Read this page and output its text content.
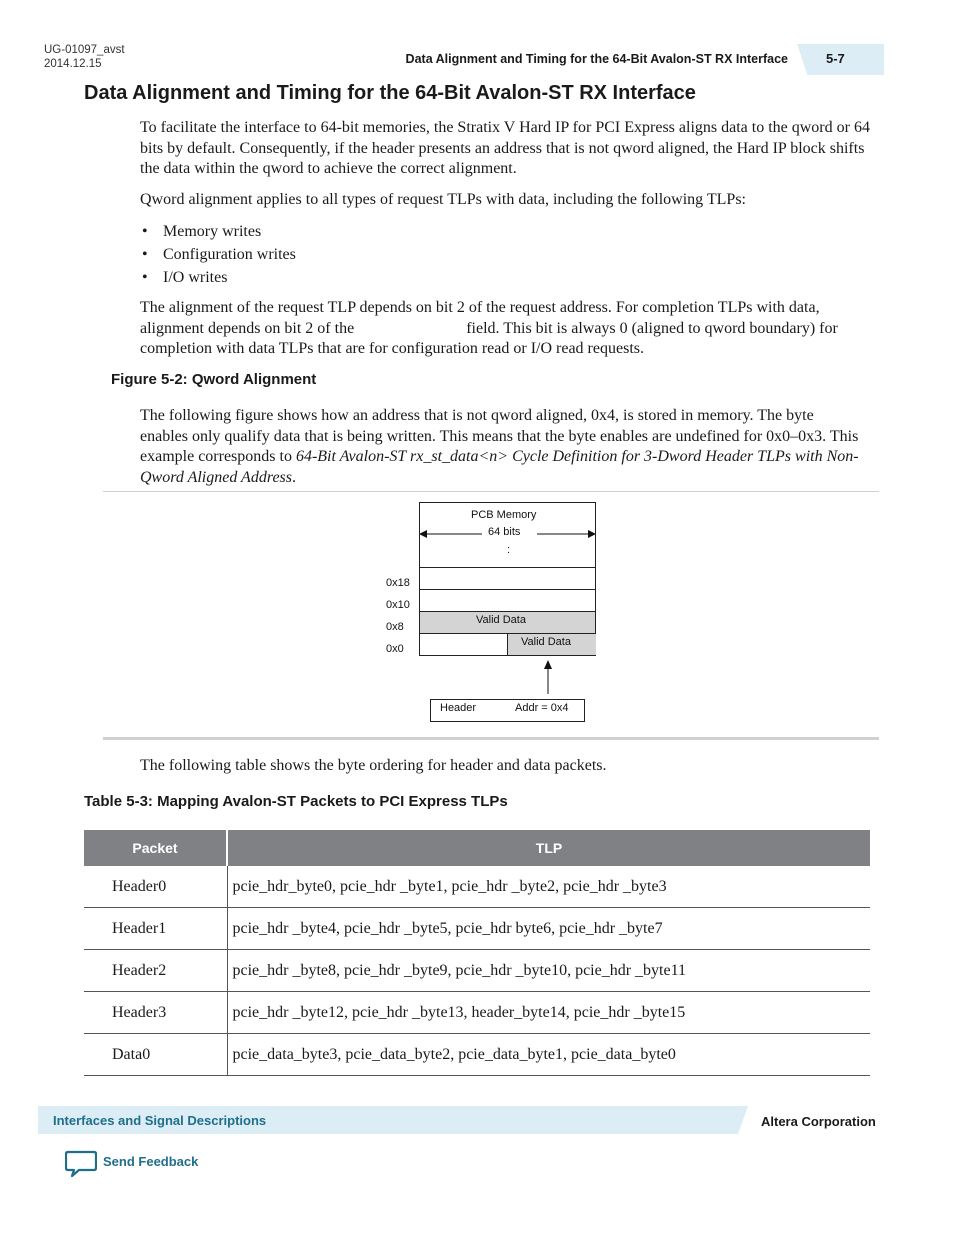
UG-01097_avst
2014.12.15	Data Alignment and Timing for the 64-Bit Avalon-ST RX Interface	5-7
Data Alignment and Timing for the 64-Bit Avalon-ST RX Interface

To facilitate the interface to 64-bit memories, the Stratix V Hard IP for PCI Express aligns data to the qword or 64 bits by default. Consequently, if the header presents an address that is not qword aligned, the Hard IP block shifts the data within the qword to achieve the correct alignment.

Qword alignment applies to all types of request TLPs with data, including the following TLPs:

• Memory writes
• Configuration writes
• I/O writes

The alignment of the request TLP depends on bit 2 of the request address. For completion TLPs with data, alignment depends on bit 2 of the	field. This bit is always 0 (aligned to qword boundary) for completion with data TLPs that are for configuration read or I/O read requests.

Figure 5-2: Qword Alignment

The following figure shows how an address that is not qword aligned, 0x4, is stored in memory. The byte enables only qualify data that is being written. This means that the byte enables are undefined for 0x0–0x3. This example corresponds to 64-Bit Avalon-ST rx_st_data<n> Cycle Definition for 3-Dword Header TLPs with Non-Qword Aligned Address.

PCB Memory
64 bits
:
0x18
0x10
0x8
0x0
Valid Data
Valid Data
Header	Addr = 0x4

The following table shows the byte ordering for header and data packets.

Table 5-3: Mapping Avalon-ST Packets to PCI Express TLPs
Packet	TLP
Header0	pcie_hdr_byte0, pcie_hdr _byte1, pcie_hdr _byte2, pcie_hdr _byte3
Header1	pcie_hdr _byte4, pcie_hdr _byte5, pcie_hdr byte6, pcie_hdr _byte7
Header2	pcie_hdr _byte8, pcie_hdr _byte9, pcie_hdr _byte10, pcie_hdr _byte11
Header3	pcie_hdr _byte12, pcie_hdr _byte13, header_byte14, pcie_hdr _byte15
Data0	pcie_data_byte3, pcie_data_byte2, pcie_data_byte1, pcie_data_byte0
Interfaces and Signal Descriptions	Altera Corporation
Send Feedback
